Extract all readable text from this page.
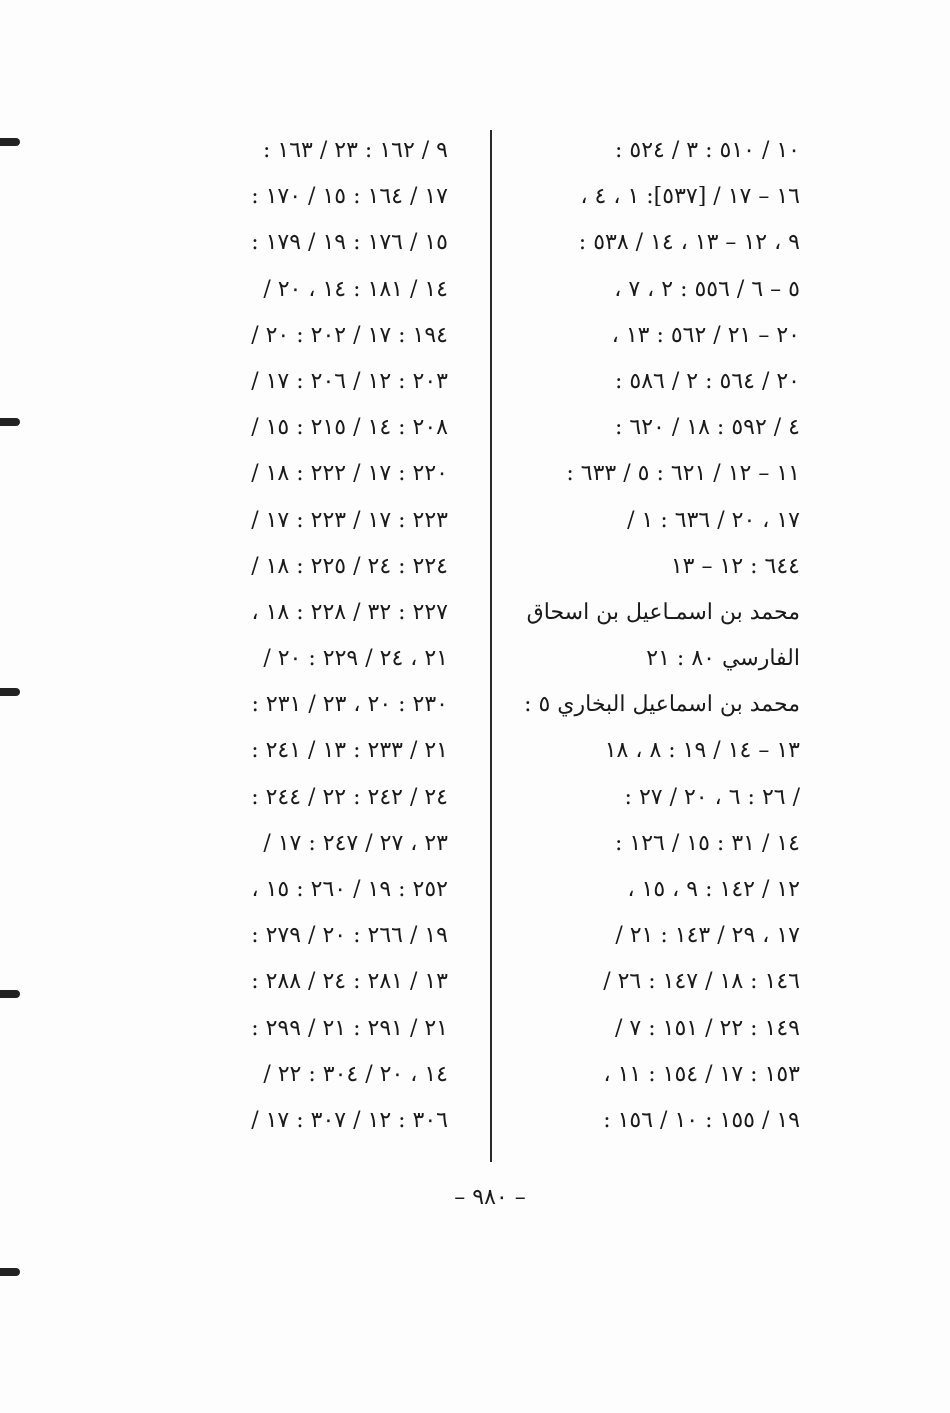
١٠ / ٥١٠ : ٣ / ٥٢٤ :
١٦ – ١٧ / [٥٣٧]: ١ ، ٤ ،
٩ ، ١٢ – ١٣ ، ١٤ / ٥٣٨ :
٥ – ٦ / ٥٥٦ : ٢ ، ٧ ،
٢٠ – ٢١ / ٥٦٢ : ١٣ ،
٢٠ / ٥٦٤ : ٢ / ٥٨٦ :
٤ / ٥٩٢ : ١٨ / ٦٢٠ :
١١ – ١٢ / ٦٢١ : ٥ / ٦٣٣ :
١٧ ، ٢٠ / ٦٣٦ : ١ /
٦٤٤ : ١٢ – ١٣
محمد بن اسمـاعيل بن اسحاق
الفارسي ٨٠ : ٢١
محمد بن اسماعيل البخاري ٥ :
١٣ – ١٤ / ١٩ : ٨ ، ١٨
/ ٢٦ : ٦ ، ٢٠ / ٢٧ :
١٤ / ٣١ : ١٥ / ١٢٦ :
١٢ / ١٤٢ : ٩ ، ١٥ ،
١٧ ، ٢٩ / ١٤٣ : ٢١ /
١٤٦ : ١٨ / ١٤٧ : ٢٦ /
١٤٩ : ٢٢ / ١٥١ : ٧ /
١٥٣ : ١٧ / ١٥٤ : ١١ ،
١٩ / ١٥٥ : ١٠ / ١٥٦ :
٩ / ١٦٢ : ٢٣ / ١٦٣ :
١٧ / ١٦٤ : ١٥ / ١٧٠ :
١٥ / ١٧٦ : ١٩ / ١٧٩ :
١٤ / ١٨١ : ١٤ ، ٢٠ /
١٩٤ : ١٧ / ٢٠٢ : ٢٠ /
٢٠٣ : ١٢ / ٢٠٦ : ١٧ /
٢٠٨ : ١٤ / ٢١٥ : ١٥ /
٢٢٠ : ١٧ / ٢٢٢ : ١٨ /
٢٢٣ : ١٧ / ٢٢٣ : ١٧ /
٢٢٤ : ٢٤ / ٢٢٥ : ١٨ /
٢٢٧ : ٣٢ / ٢٢٨ : ١٨ ،
٢١ ، ٢٤ / ٢٢٩ : ٢٠ /
٢٣٠ : ٢٠ ، ٢٣ / ٢٣١ :
٢١ / ٢٣٣ : ١٣ / ٢٤١ :
٢٤ / ٢٤٢ : ٢٢ / ٢٤٤ :
٢٣ ، ٢٧ / ٢٤٧ : ١٧ /
٢٥٢ : ١٩ / ٢٦٠ : ١٥ ،
١٩ / ٢٦٦ : ٢٠ / ٢٧٩ :
١٣ / ٢٨١ : ٢٤ / ٢٨٨ :
٢١ / ٢٩١ : ٢١ / ٢٩٩ :
١٤ ، ٢٠ / ٣٠٤ : ٢٢ /
٣٠٦ : ١٢ / ٣٠٧ : ١٧ /
– ٩٨٠ –
